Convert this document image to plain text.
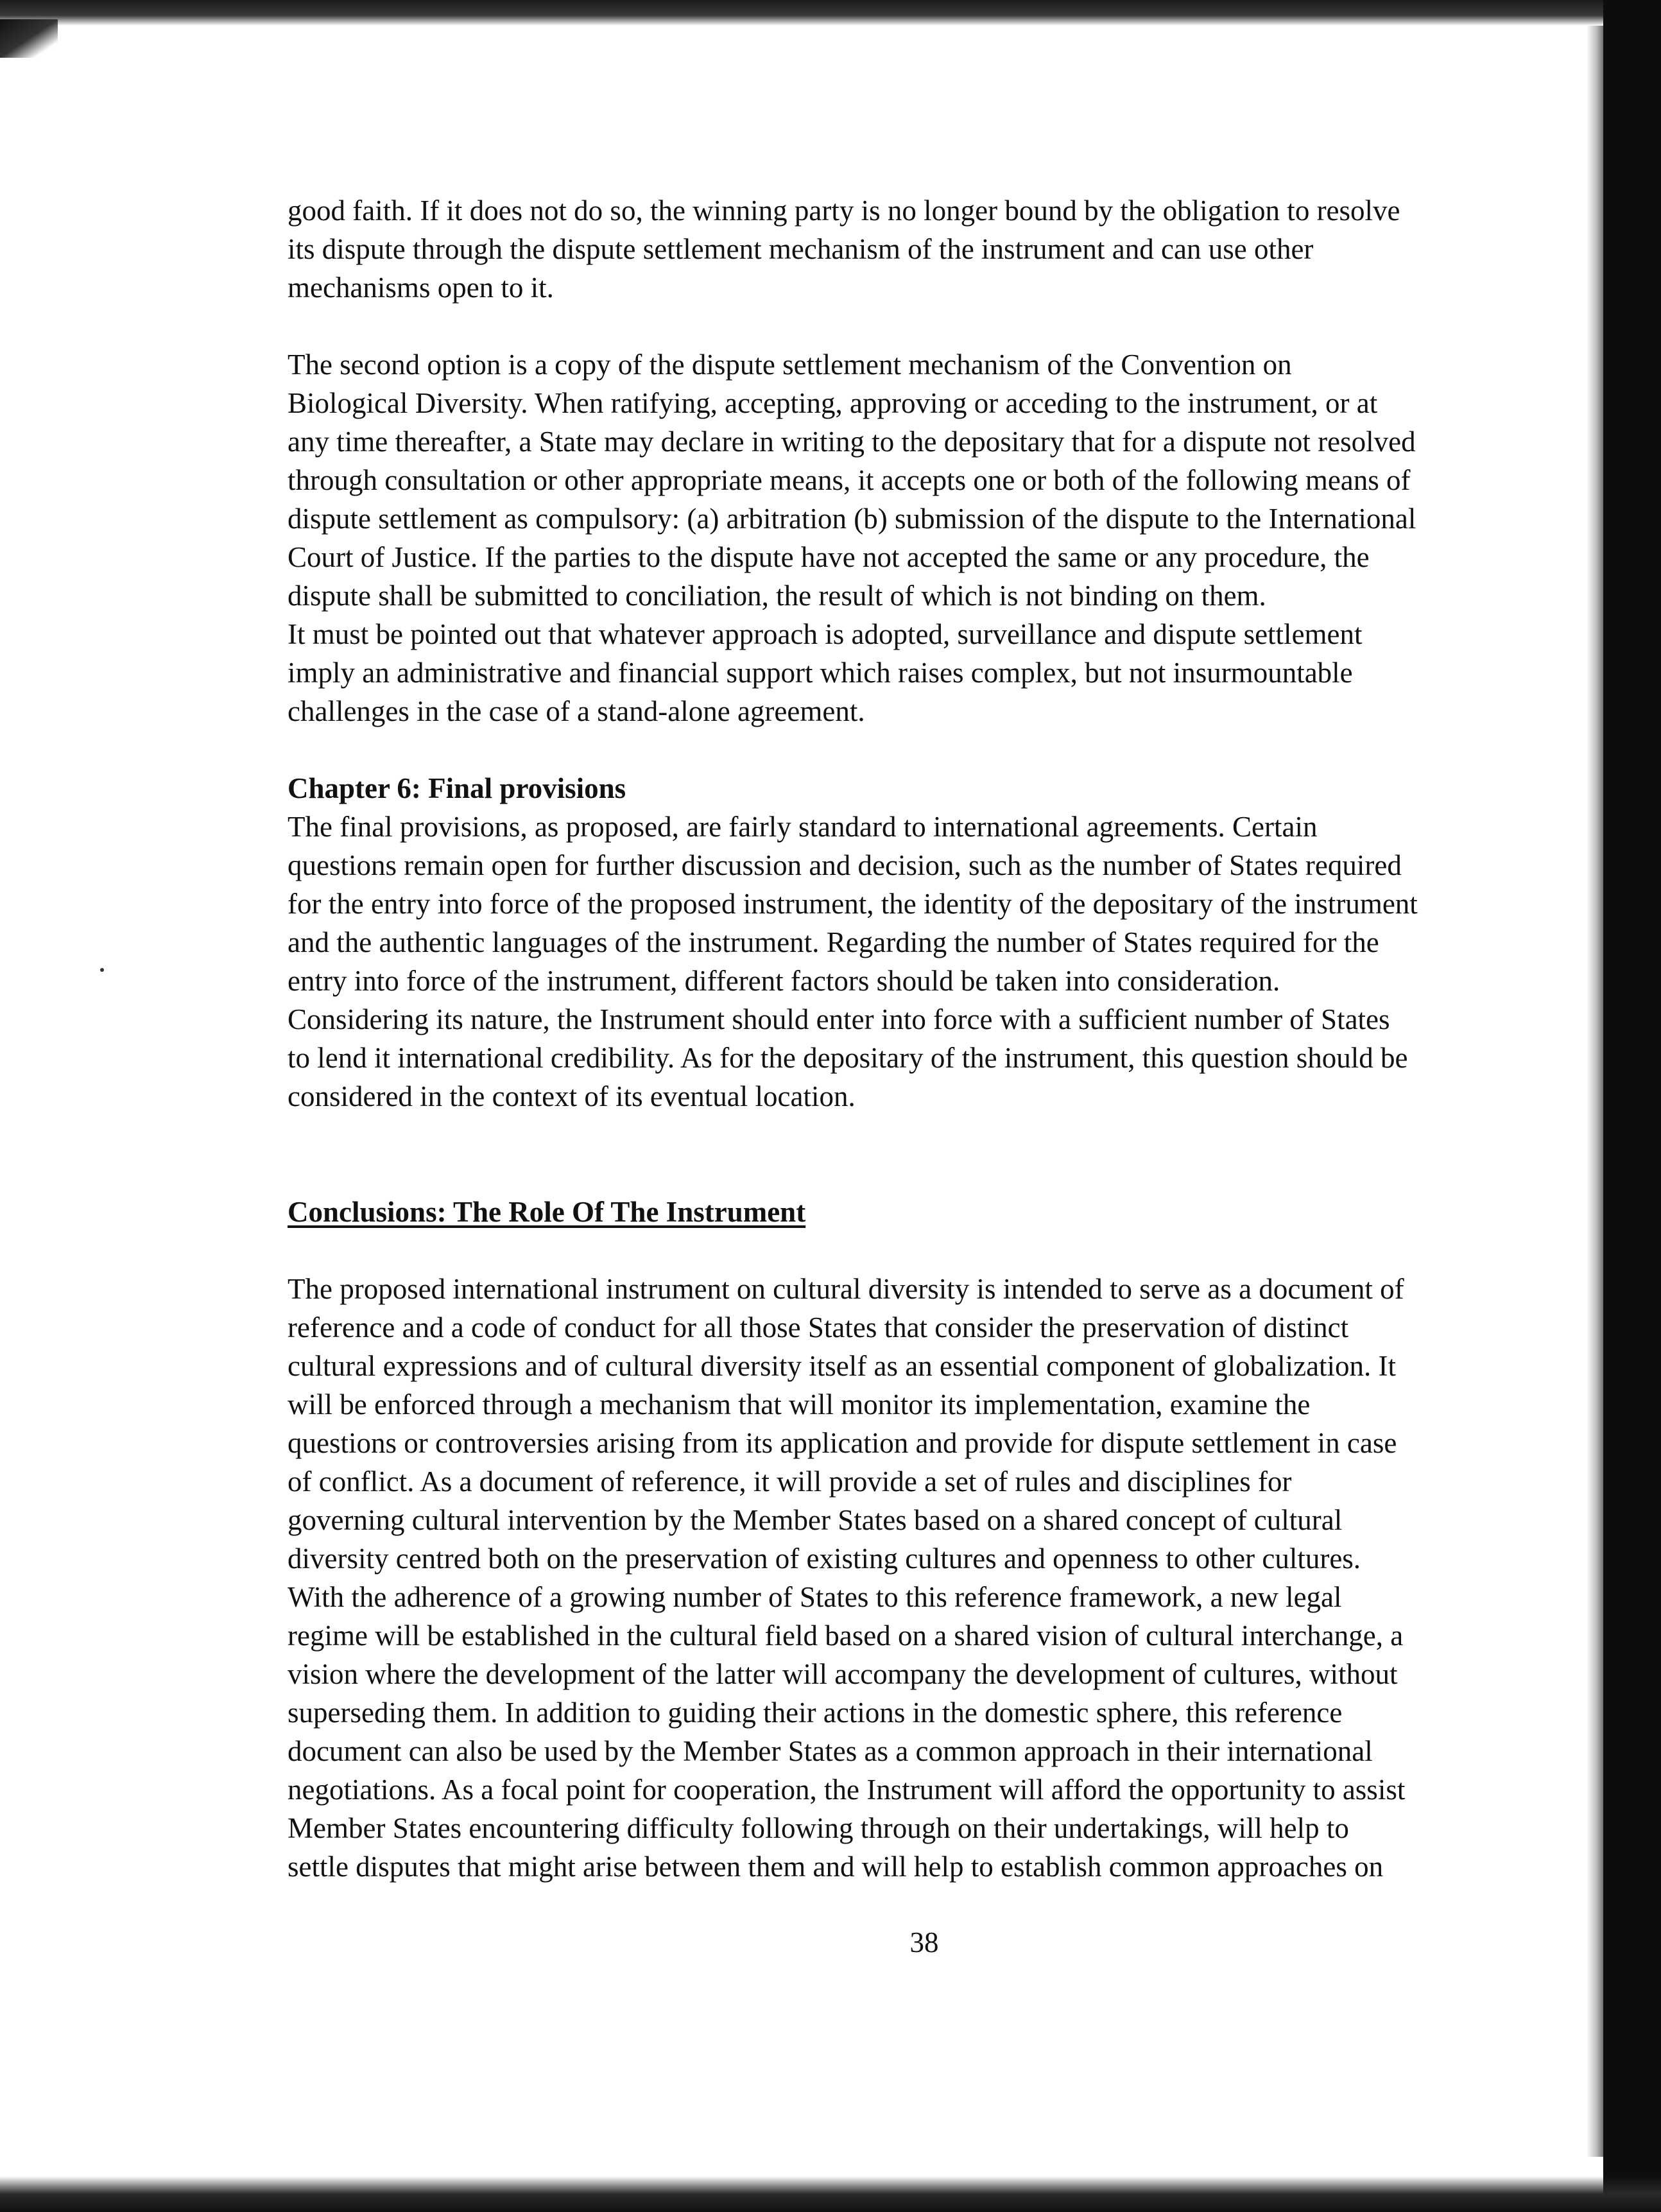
good faith. If it does not do so, the winning party is no longer bound by the obligation to resolve
its dispute through the dispute settlement mechanism of the instrument and can use other
mechanisms open to it.

The second option is a copy of the dispute settlement mechanism of the Convention on
Biological Diversity. When ratifying, accepting, approving or acceding to the instrument, or at
any time thereafter, a State may declare in writing to the depositary that for a dispute not resolved
through consultation or other appropriate means, it accepts one or both of the following means of
dispute settlement as compulsory: (a) arbitration (b) submission of the dispute to the International
Court of Justice. If the parties to the dispute have not accepted the same or any procedure, the
dispute shall be submitted to conciliation, the result of which is not binding on them.
It must be pointed out that whatever approach is adopted, surveillance and dispute settlement
imply an administrative and financial support which raises complex, but not insurmountable
challenges in the case of a stand-alone agreement.

Chapter 6: Final provisions

The final provisions, as proposed, are fairly standard to international agreements. Certain
questions remain open for further discussion and decision, such as the number of States required
for the entry into force of the proposed instrument, the identity of the depositary of the instrument
and the authentic languages of the instrument. Regarding the number of States required for the
entry into force of the instrument, different factors should be taken into consideration.
Considering its nature, the Instrument should enter into force with a sufficient number of States
to lend it international credibility. As for the depositary of the instrument, this question should be
considered in the context of its eventual location.

Conclusions: The Role Of The Instrument

The proposed international instrument on cultural diversity is intended to serve as a document of
reference and a code of conduct for all those States that consider the preservation of distinct
cultural expressions and of cultural diversity itself as an essential component of globalization. It
will be enforced through a mechanism that will monitor its implementation, examine the
questions or controversies arising from its application and provide for dispute settlement in case
of conflict. As a document of reference, it will provide a set of rules and disciplines for
governing cultural intervention by the Member States based on a shared concept of cultural
diversity centred both on the preservation of existing cultures and openness to other cultures.
With the adherence of a growing number of States to this reference framework, a new legal
regime will be established in the cultural field based on a shared vision of cultural interchange, a
vision where the development of the latter will accompany the development of cultures, without
superseding them. In addition to guiding their actions in the domestic sphere, this reference
document can also be used by the Member States as a common approach in their international
negotiations. As a focal point for cooperation, the Instrument will afford the opportunity to assist
Member States encountering difficulty following through on their undertakings, will help to
settle disputes that might arise between them and will help to establish common approaches on

38
